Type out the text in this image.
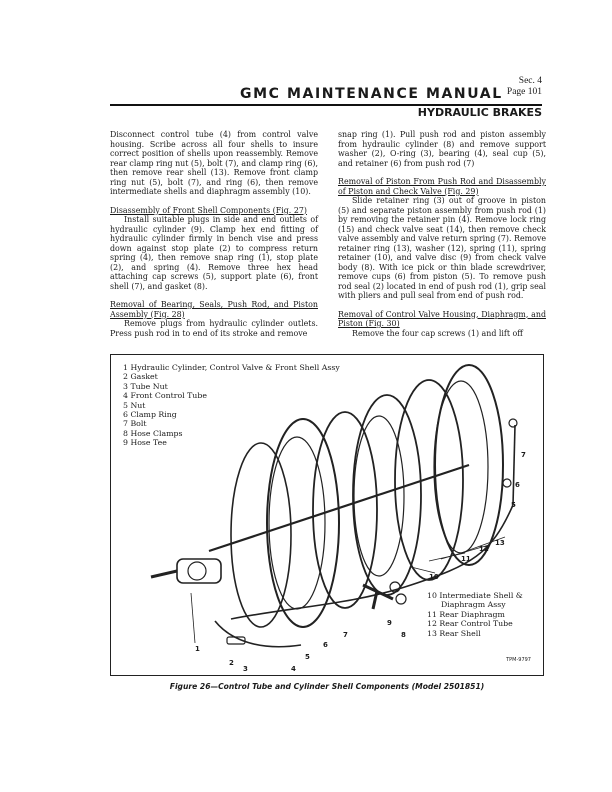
Sec. 4
Page 101
GMC MAINTENANCE MANUAL
HYDRAULIC BRAKES

Disconnect control tube (4) from control valve housing. Scribe across all four shells to insure correct position of shells upon reassembly. Remove rear clamp ring nut (5), bolt (7), and clamp ring (6), then remove rear shell (13). Remove front clamp ring nut (5), bolt (7), and ring (6), then remove intermediate shells and diaphragm assembly (10).

Disassembly of Front Shell Components (Fig. 27)

Install suitable plugs in side and end outlets of hydraulic cylinder (9). Clamp hex end fitting of hydraulic cylinder firmly in bench vise and press down against stop plate (2) to compress return spring (4), then remove snap ring (1), stop plate (2), and spring (4). Remove three hex head attaching cap screws (5), support plate (6), front shell (7), and gasket (8).

Removal of Bearing, Seals, Push Rod, and Piston Assembly (Fig. 28)

Remove plugs from hydraulic cylinder outlets. Press push rod in to end of its stroke and remove

snap ring (1). Pull push rod and piston assembly from hydraulic cylinder (8) and remove support washer (2), O-ring (3), bearing (4), seal cup (5), and retainer (6) from push rod (7)

Removal of Piston From Push Rod and Disassembly of Piston and Check Valve (Fig. 29)

Slide retainer ring (3) out of groove in piston (5) and separate piston assembly from push rod (1) by removing the retainer pin (4). Remove lock ring (15) and check valve seat (14), then remove check valve assembly and valve return spring (7). Remove retainer ring (13), washer (12), spring (11), spring retainer (10), and valve disc (9) from check valve body (8). With ice pick or thin blade screwdriver, remove cups (6) from piston (5). To remove push rod seal (2) located in end of push rod (1), grip seal with pliers and pull seal from end of push rod.

Removal of Control Valve Housing, Diaphragm, and Piston (Fig. 30)

Remove the four cap screws (1) and lift off

1 Hydraulic Cylinder, Control Valve & Front Shell Assy
2 Gasket
3 Tube Nut
4 Front Control Tube
5 Nut
6 Clamp Ring
7 Bolt
8 Hose Clamps
9 Hose Tee
10 Intermediate Shell &
Diaphragm Assy
11 Rear Diaphragm
12 Rear Control Tube
13 Rear Shell
1
2
3	4
5
6
7	8
9
10
11
12
13
7
6
5
TPM-9797
Figure 26—Control Tube and Cylinder Shell Components (Model 2501851)
